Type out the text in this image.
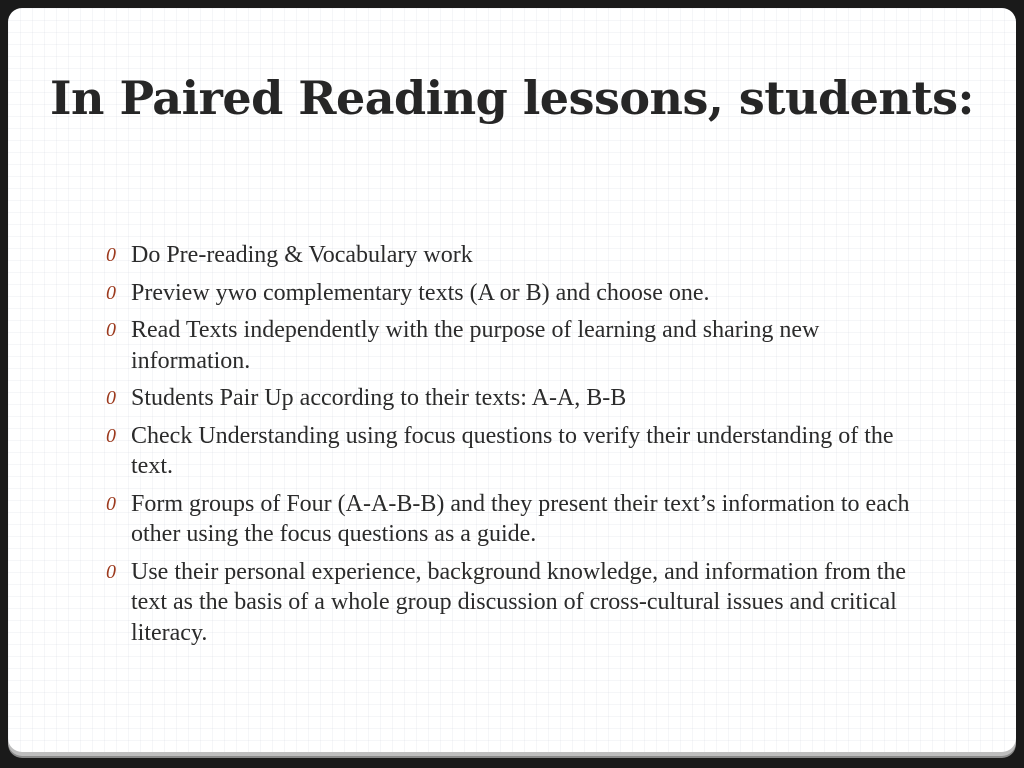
In Paired Reading lessons, students:
0 Do Pre-reading & Vocabulary work
0 Preview ywo complementary texts (A or B) and choose one.
0 Read Texts independently with the purpose of learning and sharing new information.
0 Students Pair Up according to their texts: A-A, B-B
0 Check Understanding using focus questions to verify their understanding of the text.
0 Form groups of Four (A-A-B-B) and they present their text’s information to each other using the focus questions as a guide.
0 Use their personal experience, background knowledge, and information from the text as the basis of a whole group discussion of cross-cultural issues and critical literacy.
